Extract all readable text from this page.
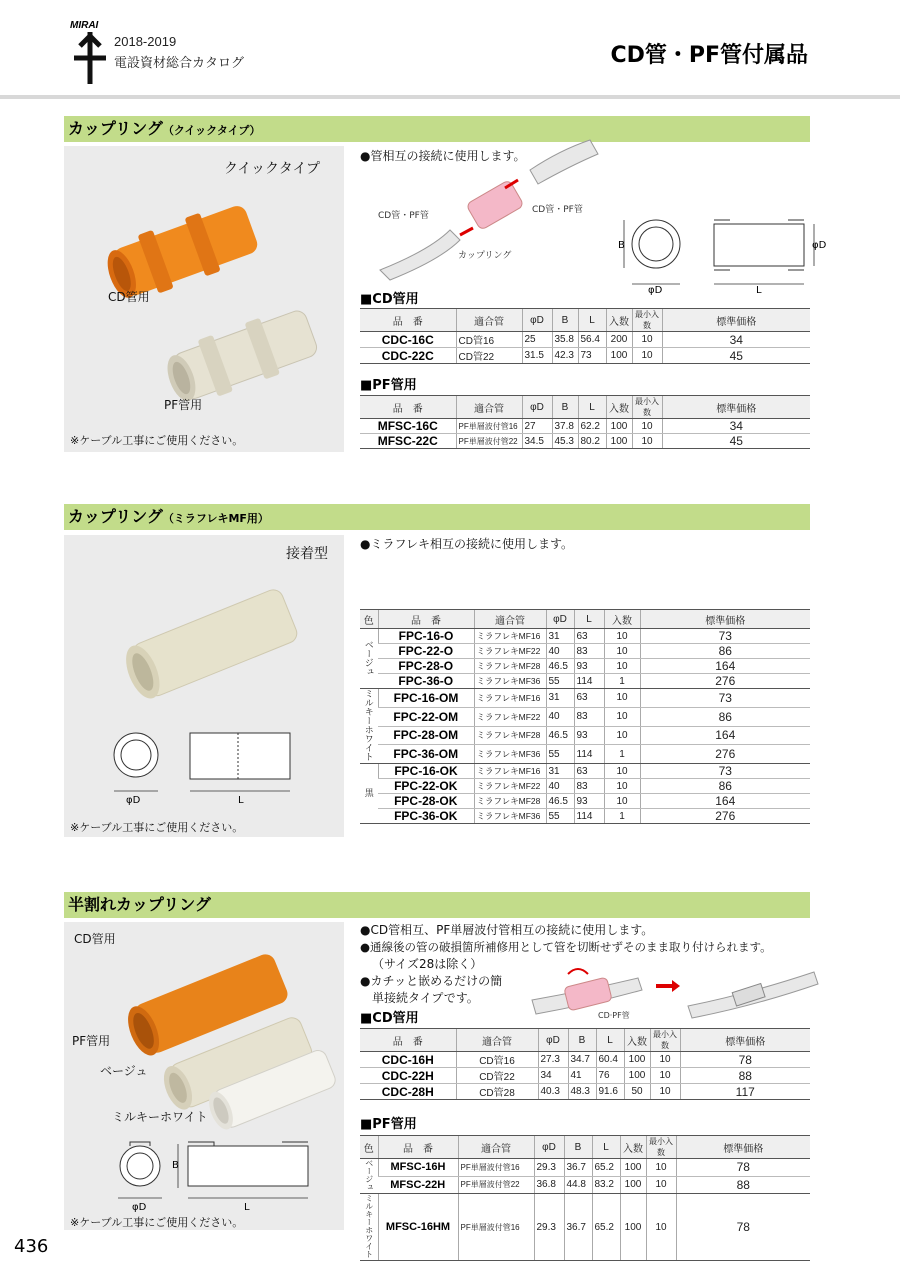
MIRAI
2018-2019
電設資材総合カタログ	CD管・PF管付属品
カップリング（クイックタイプ）
クイックタイプ
CD管用
PF管用
※ケーブル工事にご使用ください。
●管相互の接続に使用します。
CD管・PF管
CD管・PF管
カップリング
B
φD	L
φD
■CD管用
品　番	適合管	φD	B	L	入数	最小入数	標準価格
CDC-16C	CD管16	25	35.8	56.4	200	10	34
CDC-22C	CD管22	31.5	42.3	73	100	10	45
■PF管用
品　番	適合管	φD	B	L	入数	最小入数	標準価格
MFSC-16C	PF単層波付管16	27	37.8	62.2	100	10	34
MFSC-22C	PF単層波付管22	34.5	45.3	80.2	100	10	45
カップリング（ミラフレキMF用）
接着型
φD	L
※ケーブル工事にご使用ください。
●ミラフレキ相互の接続に使用します。
色	品　番	適合管	φD	L	入数	標準価格
ベージュ	FPC-16-O	ミラフレキMF16	31	63	10	73
	FPC-22-O	ミラフレキMF22	40	83	10	86
	FPC-28-O	ミラフレキMF28	46.5	93	10	164
	FPC-36-O	ミラフレキMF36	55	114	1	276
ミルキーホワイト	FPC-16-OM	ミラフレキMF16	31	63	10	73
	FPC-22-OM	ミラフレキMF22	40	83	10	86
	FPC-28-OM	ミラフレキMF28	46.5	93	10	164
	FPC-36-OM	ミラフレキMF36	55	114	1	276
黒	FPC-16-OK	ミラフレキMF16	31	63	10	73
	FPC-22-OK	ミラフレキMF22	40	83	10	86
	FPC-28-OK	ミラフレキMF28	46.5	93	10	164
	FPC-36-OK	ミラフレキMF36	55	114	1	276
半割れカップリング
CD管用
PF管用
ベージュ
ミルキーホワイト
B
φD	L
※ケーブル工事にご使用ください。
●CD管相互、PF単層波付管相互の接続に使用します。
●通線後の管の破損箇所補修用として管を切断せずそのまま取り付けられます。
（サイズ28は除く）
●カチッと嵌めるだけの簡
単接続タイプです。
CD·PF管
■CD管用
品　番	適合管	φD	B	L	入数	最小入数	標準価格
CDC-16H	CD管16	27.3	34.7	60.4	100	10	78
CDC-22H	CD管22	34	41	76	100	10	88
CDC-28H	CD管28	40.3	48.3	91.6	50	10	117
■PF管用
色	品　番	適合管	φD	B	L	入数	最小入数	標準価格
ベージュ	MFSC-16H	PF単層波付管16	29.3	36.7	65.2	100	10	78
	MFSC-22H	PF単層波付管22	36.8	44.8	83.2	100	10	88
ミルキーホワイト	MFSC-16HM	PF単層波付管16	29.3	36.7	65.2	100	10	78
436
